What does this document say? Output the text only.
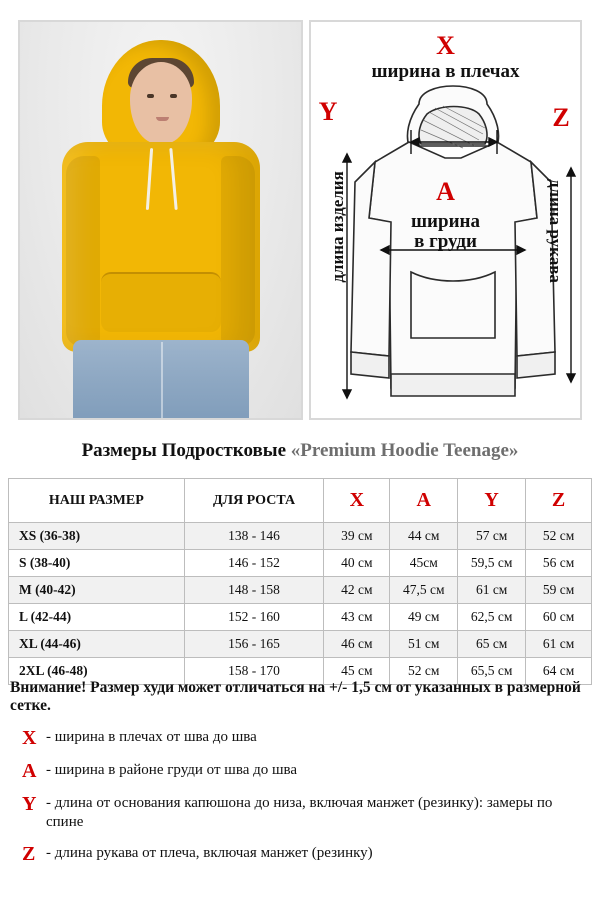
X
ширина в плечах
Y
длина изделия
Z
длина рукава
A
ширина
в груди
Размеры Подростковые «Premium Hoodie Teenage»
НАШ РАЗМЕР	ДЛЯ РОСТА	X	A	Y	Z
XS (36-38)	138 - 146	39 см	44 см	57 см	52 см
S (38-40)	146 - 152	40 см	45см	59,5 см	56 см
M (40-42)	148 - 158	42 см	47,5 см	61 см	59 см
L (42-44)	152 - 160	43 см	49 см	62,5 см	60 см
XL (44-46)	156 - 165	46 см	51 см	65 см	61 см
2XL (46-48)	158 - 170	45 см	52 см	65,5 см	64 см
Внимание! Размер худи может отличаться на +/- 1,5 см от указанных в размерной сетке.
X - ширина в плечах от шва до шва
A - ширина в районе груди от шва до шва
Y - длина от основания капюшона до низа, включая манжет (резинку): замеры по спине
Z - длина рукава от плеча, включая манжет (резинку)
